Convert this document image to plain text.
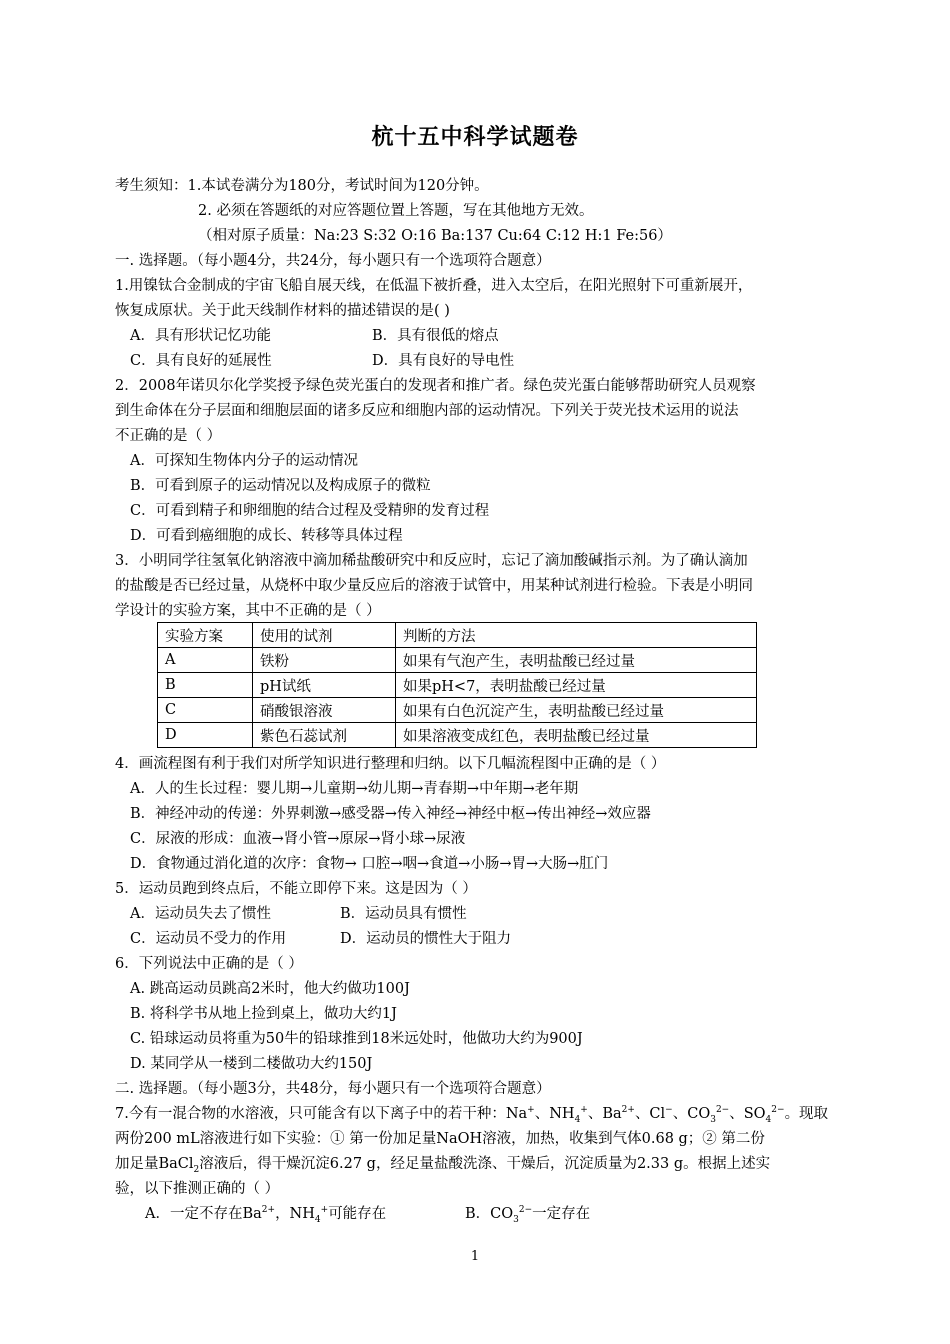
杭十五中科学试题卷
考生须知：1.本试卷满分为180分，考试时间为120分钟。
2. 必须在答题纸的对应答题位置上答题，写在其他地方无效。
（相对原子质量：Na:23 S:32 O:16 Ba:137 Cu:64 C:12 H:1 Fe:56）
一. 选择题。（每小题4分，共24分，每小题只有一个选项符合题意）
1.用镍钛合金制成的宇宙飞船自展天线，在低温下被折叠，进入太空后，在阳光照射下可重新展开，
恢复成原状。关于此天线制作材料的描述错误的是( )
A．具有形状记忆功能	B．具有很低的熔点
C．具有良好的延展性	D．具有良好的导电性
2．2008年诺贝尔化学奖授予绿色荧光蛋白的发现者和推广者。绿色荧光蛋白能够帮助研究人员观察
到生命体在分子层面和细胞层面的诸多反应和细胞内部的运动情况。下列关于荧光技术运用的说法
不正确的是（ ）
A．可探知生物体内分子的运动情况
B．可看到原子的运动情况以及构成原子的微粒
C．可看到精子和卵细胞的结合过程及受精卵的发育过程
D．可看到癌细胞的成长、转移等具体过程
3．小明同学往氢氧化钠溶液中滴加稀盐酸研究中和反应时，忘记了滴加酸碱指示剂。为了确认滴加
的盐酸是否已经过量，从烧杯中取少量反应后的溶液于试管中，用某种试剂进行检验。下表是小明同
学设计的实验方案，其中不正确的是（ ）
实验方案	使用的试剂	判断的方法
A	铁粉	如果有气泡产生，表明盐酸已经过量
B	pH试纸	如果pH<7，表明盐酸已经过量
C	硝酸银溶液	如果有白色沉淀产生，表明盐酸已经过量
D	紫色石蕊试剂	如果溶液变成红色，表明盐酸已经过量
4．画流程图有利于我们对所学知识进行整理和归纳。以下几幅流程图中正确的是（ ）
A．人的生长过程：婴儿期→儿童期→幼儿期→青春期→中年期→老年期
B．神经冲动的传递：外界刺激→感受器→传入神经→神经中枢→传出神经→效应器
C．尿液的形成：血液→肾小管→原尿→肾小球→尿液
D．食物通过消化道的次序：食物→ 口腔→咽→食道→小肠→胃→大肠→肛门
5．运动员跑到终点后，不能立即停下来。这是因为（ ）
A．运动员失去了惯性	B．运动员具有惯性
C．运动员不受力的作用	D．运动员的惯性大于阻力
6．下列说法中正确的是（ ）
A. 跳高运动员跳高2米时，他大约做功100J
B. 将科学书从地上捡到桌上，做功大约1J
C. 铅球运动员将重为50牛的铅球推到18米远处时，他做功大约为900J
D. 某同学从一楼到二楼做功大约150J
二. 选择题。（每小题3分，共48分，每小题只有一个选项符合题意）
7.今有一混合物的水溶液，只可能含有以下离子中的若干种：Na+、$NH_4^+$、$Ba^{2+}$、Cl−、$CO_3^{2-}$、$SO_4^{2-}$。现取
两份200 mL溶液进行如下实验：① 第一份加足量NaOH溶液，加热，收集到气体0.68 g；② 第二份
加足量BaCl$_2$溶液后，得干燥沉淀6.27 g，经足量盐酸洗涤、干燥后，沉淀质量为2.33 g。根据上述实
验，以下推测正确的（ ）
A．一定不存在$Ba^{2+}$，$NH_4^+$可能存在	B．$CO_3^{2-}$一定存在
1
